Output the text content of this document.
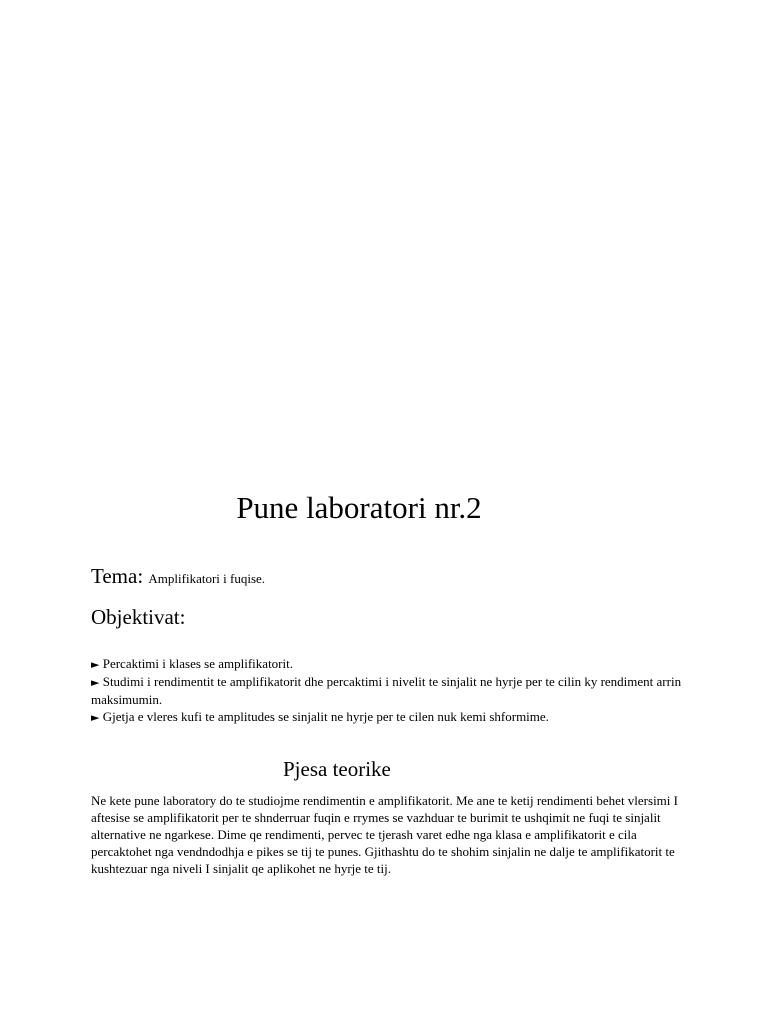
Pune laboratori nr.2

Tema: Amplifikatori i fuqise.

Objektivat:
► Percaktimi i klases se amplifikatorit.
► Studimi i rendimentit te amplifikatorit dhe percaktimi i nivelit te sinjalit ne hyrje per te cilin ky rendiment arrin maksimumin.
► Gjetja e vleres kufi te amplitudes se sinjalit ne hyrje per te cilen nuk kemi shformime.
Pjesa teorike

Ne kete pune laboratory do te studiojme rendimentin e amplifikatorit. Me ane te ketij rendimenti behet vlersimi I aftesise se amplifikatorit per te shnderruar fuqin e rrymes se vazhduar te burimit te ushqimit ne fuqi te sinjalit alternative ne ngarkese. Dime qe rendimenti, pervec te tjerash varet edhe nga klasa e amplifikatorit e cila percaktohet nga vendndodhja e pikes se tij te punes. Gjithashtu do te shohim sinjalin ne dalje te amplifikatorit te kushtezuar nga niveli I sinjalit qe aplikohet ne hyrje te tij.
